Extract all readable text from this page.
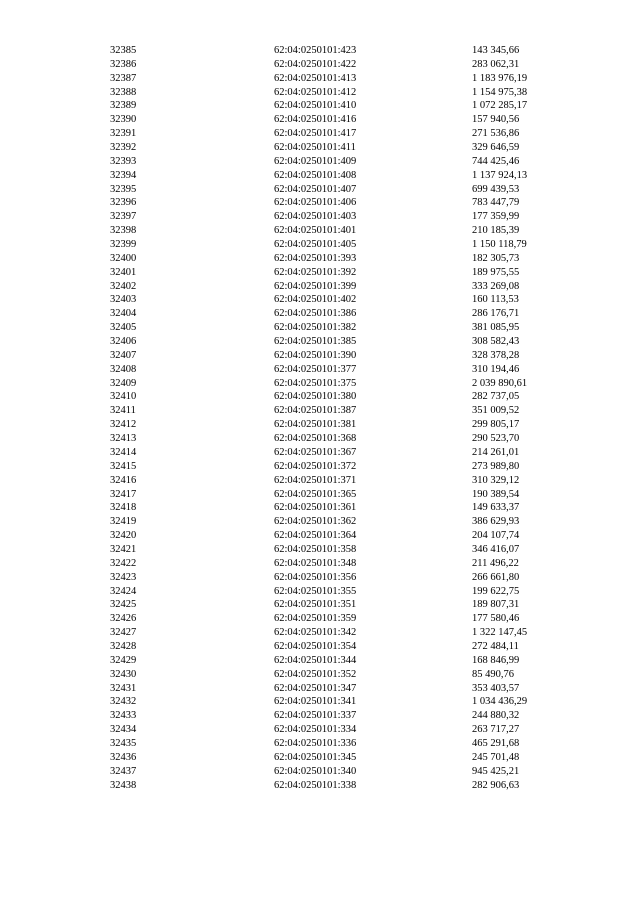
32385	62:04:0250101:423	143 345,66
32386	62:04:0250101:422	283 062,31
32387	62:04:0250101:413	1 183 976,19
32388	62:04:0250101:412	1 154 975,38
32389	62:04:0250101:410	1 072 285,17
32390	62:04:0250101:416	157 940,56
32391	62:04:0250101:417	271 536,86
32392	62:04:0250101:411	329 646,59
32393	62:04:0250101:409	744 425,46
32394	62:04:0250101:408	1 137 924,13
32395	62:04:0250101:407	699 439,53
32396	62:04:0250101:406	783 447,79
32397	62:04:0250101:403	177 359,99
32398	62:04:0250101:401	210 185,39
32399	62:04:0250101:405	1 150 118,79
32400	62:04:0250101:393	182 305,73
32401	62:04:0250101:392	189 975,55
32402	62:04:0250101:399	333 269,08
32403	62:04:0250101:402	160 113,53
32404	62:04:0250101:386	286 176,71
32405	62:04:0250101:382	381 085,95
32406	62:04:0250101:385	308 582,43
32407	62:04:0250101:390	328 378,28
32408	62:04:0250101:377	310 194,46
32409	62:04:0250101:375	2 039 890,61
32410	62:04:0250101:380	282 737,05
32411	62:04:0250101:387	351 009,52
32412	62:04:0250101:381	299 805,17
32413	62:04:0250101:368	290 523,70
32414	62:04:0250101:367	214 261,01
32415	62:04:0250101:372	273 989,80
32416	62:04:0250101:371	310 329,12
32417	62:04:0250101:365	190 389,54
32418	62:04:0250101:361	149 633,37
32419	62:04:0250101:362	386 629,93
32420	62:04:0250101:364	204 107,74
32421	62:04:0250101:358	346 416,07
32422	62:04:0250101:348	211 496,22
32423	62:04:0250101:356	266 661,80
32424	62:04:0250101:355	199 622,75
32425	62:04:0250101:351	189 807,31
32426	62:04:0250101:359	177 580,46
32427	62:04:0250101:342	1 322 147,45
32428	62:04:0250101:354	272 484,11
32429	62:04:0250101:344	168 846,99
32430	62:04:0250101:352	85 490,76
32431	62:04:0250101:347	353 403,57
32432	62:04:0250101:341	1 034 436,29
32433	62:04:0250101:337	244 880,32
32434	62:04:0250101:334	263 717,27
32435	62:04:0250101:336	465 291,68
32436	62:04:0250101:345	245 701,48
32437	62:04:0250101:340	945 425,21
32438	62:04:0250101:338	282 906,63
